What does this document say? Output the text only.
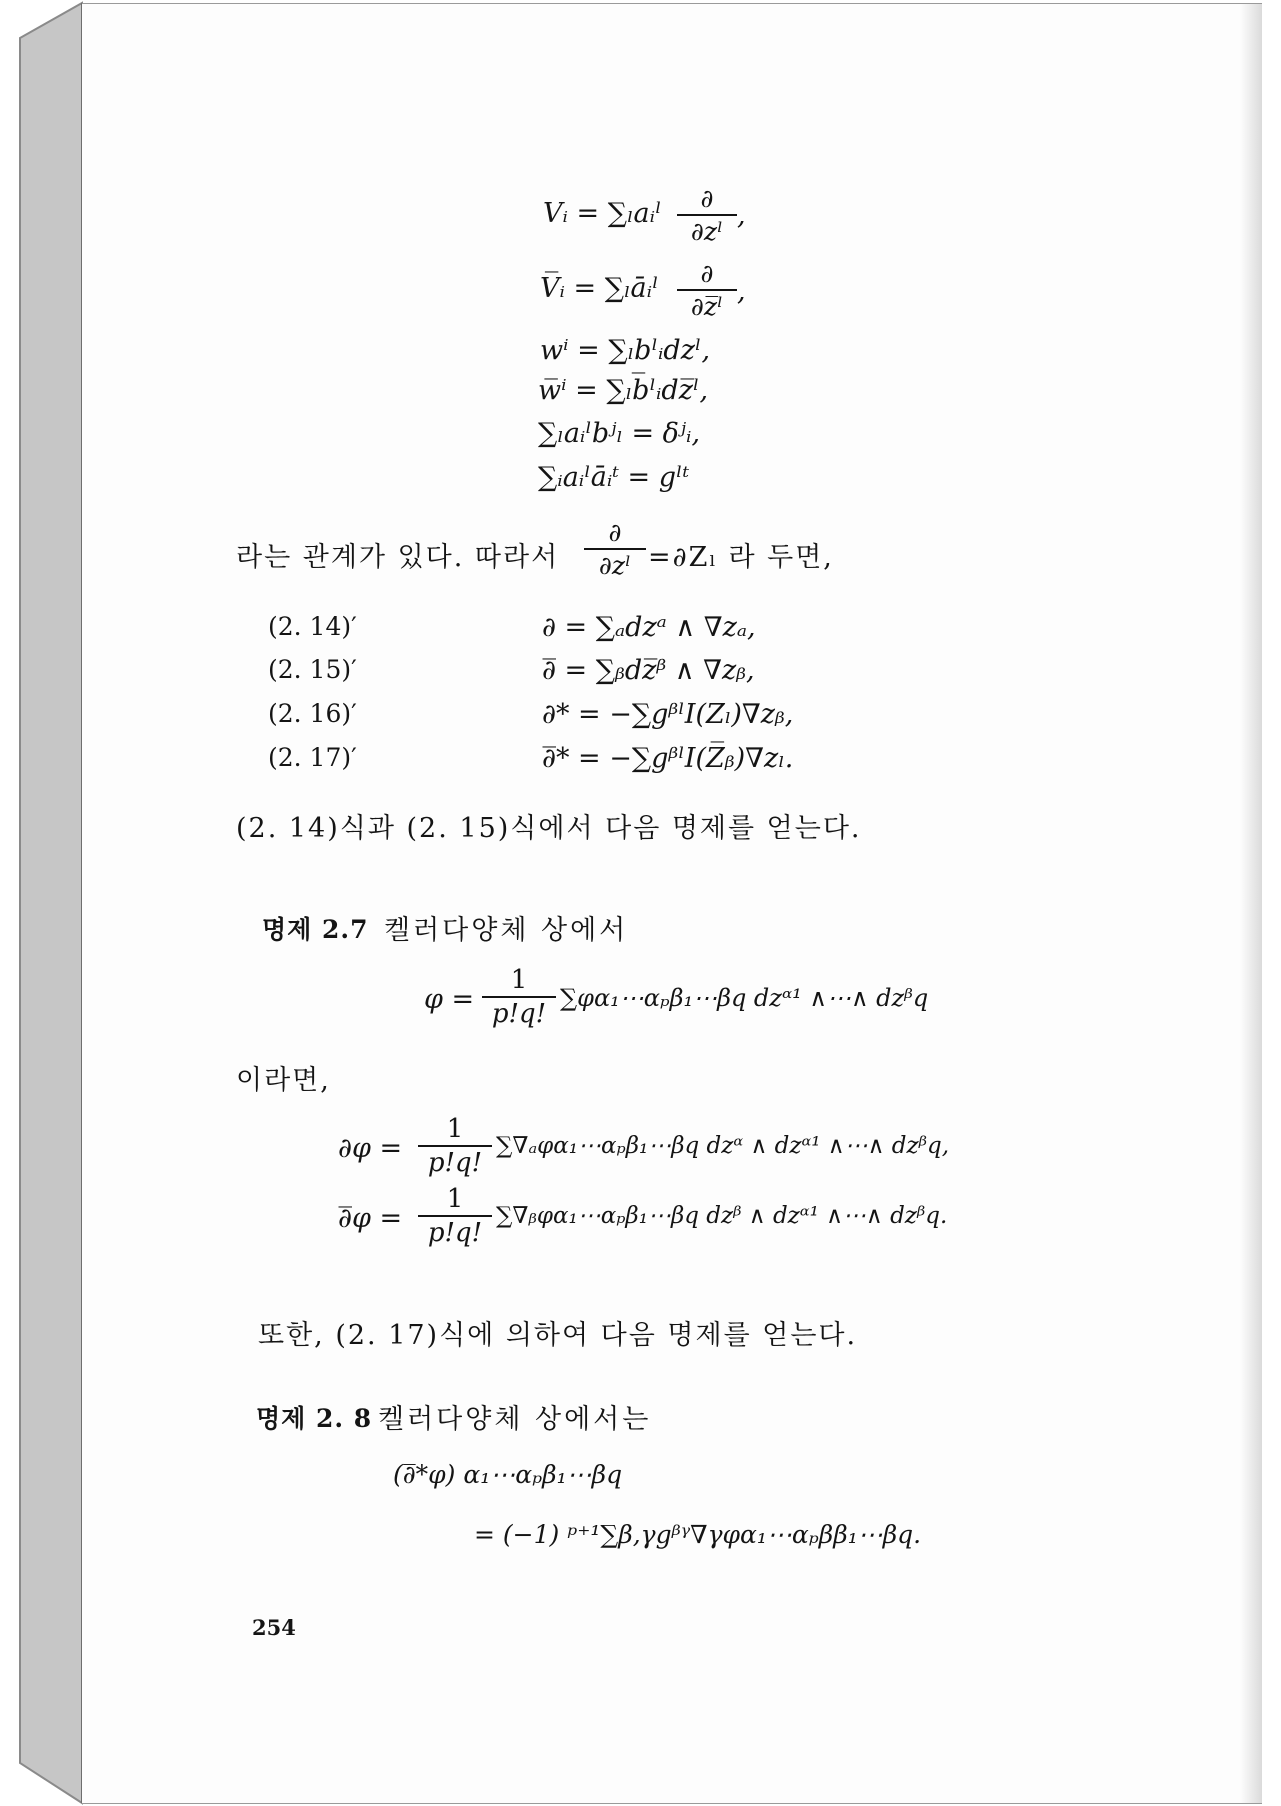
Vᵢ = ∑ₗaᵢˡ	∂
∂zˡ
,
V̅ᵢ = ∑ₗāᵢˡ	∂
∂z̅ˡ ,
wⁱ = ∑ₗbˡᵢdzˡ,
w̅ⁱ = ∑ₗb̅ˡᵢdz̅ˡ,
∑ₗaᵢˡbʲₗ = δʲᵢ,
∑ᵢaᵢˡāᵢᵗ = gˡᵗ
라는 관계가 있다. 따라서
∂
∂zˡ =∂Zₗ 라 두면,
(2. 14)′	∂ = ∑ₐdzᵃ ∧ ∇zₐ,
(2. 15)′	∂̅ = ∑ᵦdz̅ᵝ ∧ ∇zᵦ,
(2. 16)′	∂* = −∑gᵝˡI(Zₗ)∇zᵦ,
(2. 17)′	∂̅* = −∑gᵝˡI(Z̅ᵦ)∇zₗ.
(2. 14)식과 (2. 15)식에서 다음 명제를 얻는다.
명제 2.7 켈러다양체 상에서
$\varphi = \frac{1}{p!q!}$ ∑φα₁⋯αₚβ₁⋯βq dzᵅ¹ ∧⋯∧ dzᵝq
이라면,
$\partial\varphi = \frac{1}{p!q!}$ ∑∇ₐφα₁⋯αₚβ₁⋯βq dzᵅ ∧ dzᵅ¹ ∧⋯∧ dzᵝq,
∂̅φ = $\frac{1}{p!q!}$ ∑∇ᵦφα₁⋯αₚβ₁⋯βq dzᵝ ∧ dzᵅ¹ ∧⋯∧ dzᵝq.
또한, (2. 17)식에 의하여 다음 명제를 얻는다.
명제 2. 8 켈러다양체 상에서는
(∂̅*φ) α₁⋯αₚβ₁⋯βq
= (−1) ᵖ⁺¹∑β,γgᵝᵞ∇γφα₁⋯αₚββ₁⋯βq.
254
